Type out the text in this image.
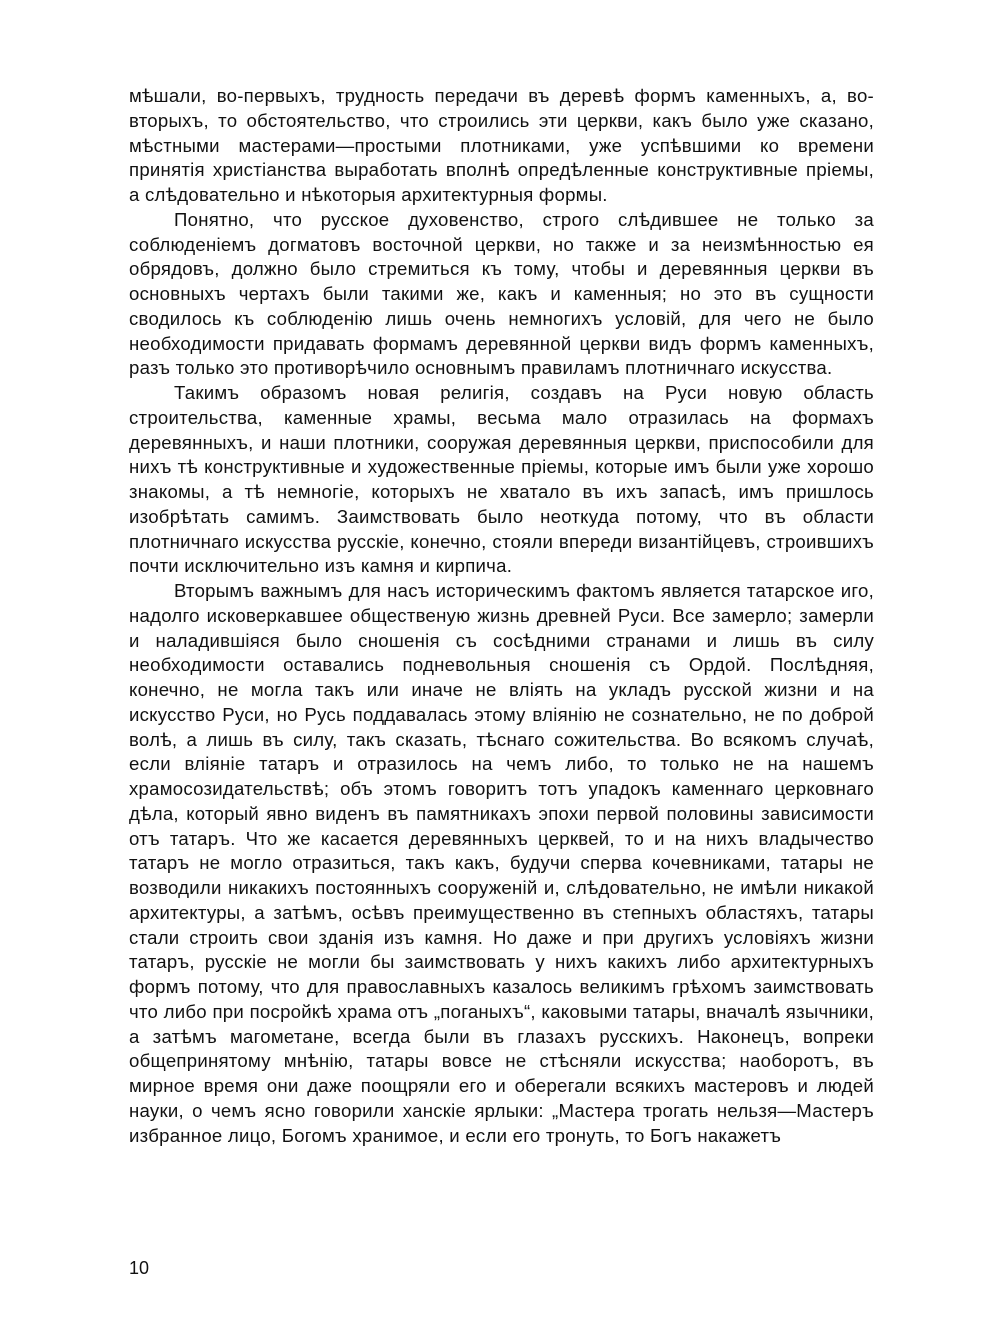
мѣшали, во-первыхъ, трудность передачи въ деревѣ формъ каменныхъ, а, во-вторыхъ, то обстоятельство, что строились эти церкви, какъ было уже сказано, мѣстными мастерами—простыми плотниками, уже успѣвшими ко времени принятія христіанства выработать вполнѣ опредѣленные конструктивные пріемы, а слѣдовательно и нѣкоторыя архитектурныя формы.

Понятно, что русское духовенство, строго слѣдившее не только за соблюденіемъ догматовъ восточной церкви, но также и за неизмѣнностью ея обрядовъ, должно было стремиться къ тому, чтобы и деревянныя церкви въ основныхъ чертахъ были такими же, какъ и каменныя; но это въ сущности сводилось къ соблюденію лишь очень немногихъ условій, для чего не было необходимости придавать формамъ деревянной церкви видъ формъ каменныхъ, разъ только это противорѣчило основнымъ правиламъ плотничнаго искусства.

Такимъ образомъ новая религія, создавъ на Руси новую область строительства, каменные храмы, весьма мало отразилась на формахъ деревянныхъ, и наши плотники, сооружая деревянныя церкви, приспособили для нихъ тѣ конструктивные и художественные пріемы, которые имъ были уже хорошо знакомы, а тѣ немногіе, которыхъ не хватало въ ихъ запасѣ, имъ пришлось изобрѣтать самимъ. Заимствовать было неоткуда потому, что въ области плотничнаго искусства русскіе, конечно, стояли впереди византійцевъ, строившихъ почти исключительно изъ камня и кирпича.

Вторымъ важнымъ для насъ историческимъ фактомъ является татарское иго, надолго исковеркавшее общественую жизнь древней Руси. Все замерло; замерли и наладившіяся было сношенія съ сосѣдними странами и лишь въ силу необходимости оставались подневольныя сношенія съ Ордой. Послѣдняя, конечно, не могла такъ или иначе не вліять на укладъ русской жизни и на искусство Руси, но Русь поддавалась этому вліянію не сознательно, не по доброй волѣ, а лишь въ силу, такъ сказать, тѣснаго сожительства. Во всякомъ случаѣ, если вліяніе татаръ и отразилось на чемъ либо, то только не на нашемъ храмосозидательствѣ; объ этомъ говоритъ тотъ упадокъ каменнаго церковнаго дѣла, который явно виденъ въ памятникахъ эпохи первой половины зависимости отъ татаръ. Что же касается деревянныхъ церквей, то и на нихъ владычество татаръ не могло отразиться, такъ какъ, будучи сперва кочевниками, татары не возводили никакихъ постоянныхъ сооруженій и, слѣдовательно, не имѣли никакой архитектуры, а затѣмъ, осѣвъ преимущественно въ степныхъ областяхъ, татары стали строить свои зданія изъ камня. Но даже и при другихъ условіяхъ жизни татаръ, русскіе не могли бы заимствовать у нихъ какихъ либо архитектурныхъ формъ потому, что для православныхъ казалось великимъ грѣхомъ заимствовать что либо при посройкѣ храма отъ „поганыхъ“, каковыми татары, вначалѣ язычники, а затѣмъ магометане, всегда были въ глазахъ русскихъ. Наконецъ, вопреки общепринятому мнѣнію, татары вовсе не стѣсняли искусства; наоборотъ, въ мирное время они даже поощряли его и оберегали всякихъ мастеровъ и людей науки, о чемъ ясно говорили ханскіе ярлыки: „Мастера трогать нельзя—Мастеръ избранное лицо, Богомъ хранимое, и если его тронуть, то Богъ накажетъ

10
